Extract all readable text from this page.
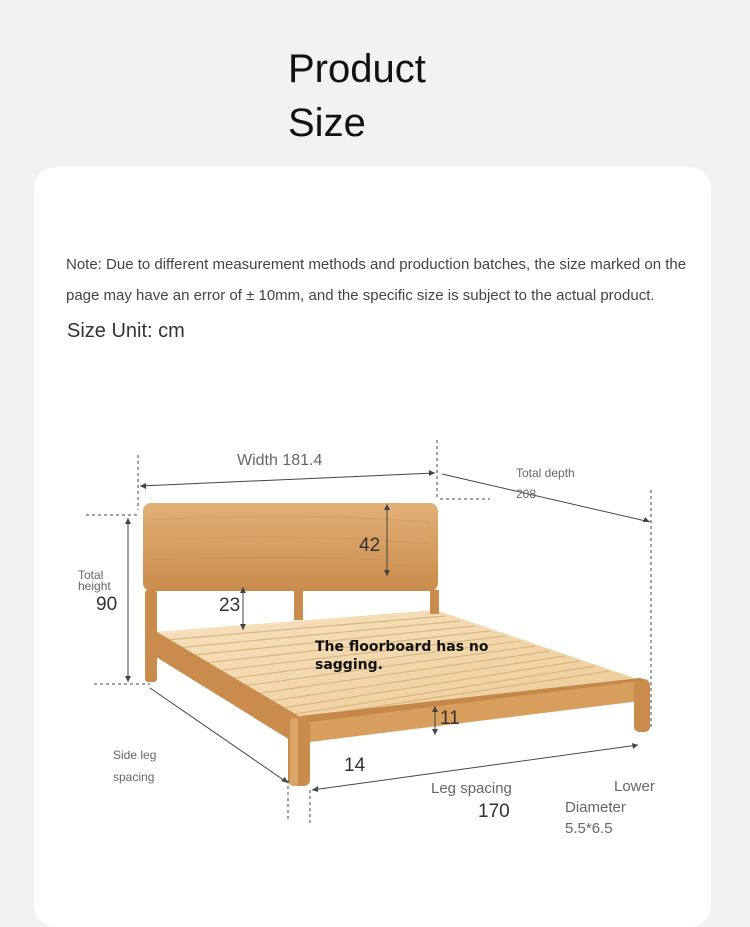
Product
Size
Note: Due to different measurement methods and production batches, the size marked on the page may have an error of ± 10mm, and the specific size is subject to the actual product.
Size Unit: cm
Width 181.4
Total depth
208
42
Total
height
90	23
The floorboard has no sagging.
11
Side leg
spacing
14
Leg spacing
170
Lower
Diameter
5.5*6.5
